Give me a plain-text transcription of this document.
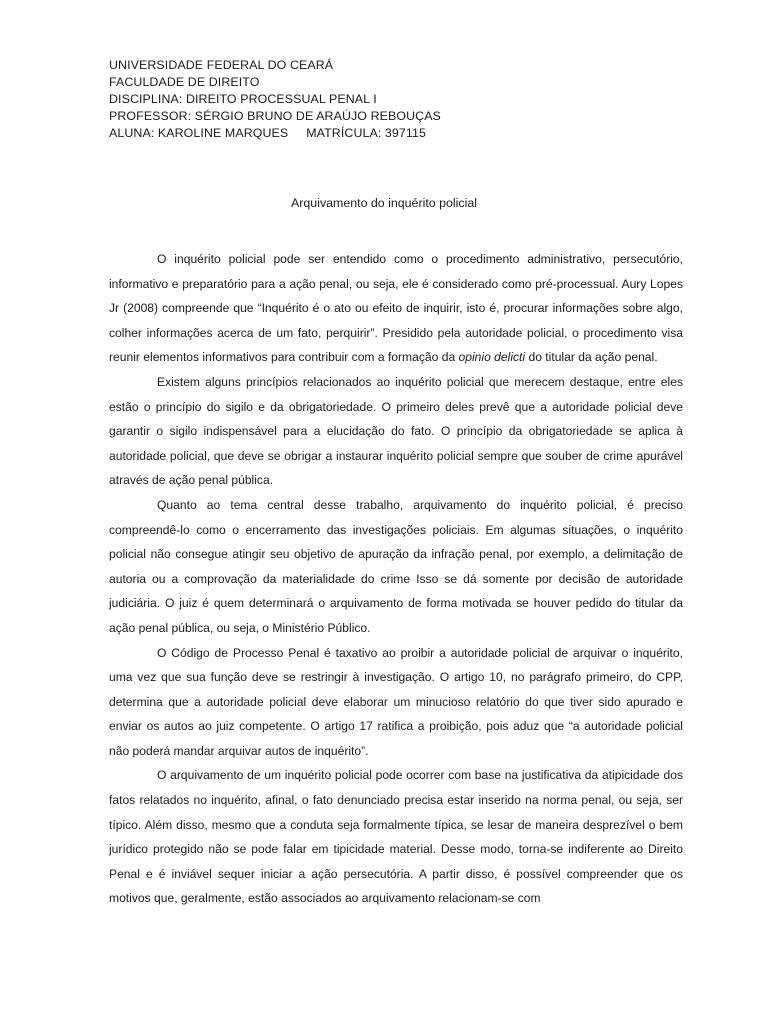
UNIVERSIDADE FEDERAL DO CEARÁ
FACULDADE DE DIREITO
DISCIPLINA: DIREITO PROCESSUAL PENAL I
PROFESSOR: SÉRGIO BRUNO DE ARAÚJO REBOUÇAS
ALUNA: KAROLINE MARQUES MATRÍCULA: 397115
Arquivamento do inquérito policial

O inquérito policial pode ser entendido como o procedimento administrativo, persecutório, informativo e preparatório para a ação penal, ou seja, ele é considerado como pré-processual. Aury Lopes Jr (2008) compreende que “Inquérito é o ato ou efeito de inquirir, isto é, procurar informações sobre algo, colher informações acerca de um fato, perquirir”. Presidido pela autoridade policial, o procedimento visa reunir elementos informativos para contribuir com a formação da opinio delicti do titular da ação penal.

Existem alguns princípios relacionados ao inquérito policial que merecem destaque, entre eles estão o princípio do sigilo e da obrigatoriedade. O primeiro deles prevê que a autoridade policial deve garantir o sigilo indispensável para a elucidação do fato. O princípio da obrigatoriedade se aplica à autoridade policial, que deve se obrigar a instaurar inquérito policial sempre que souber de crime apurável através de ação penal pública.

Quanto ao tema central desse trabalho, arquivamento do inquérito policial, é preciso compreendê-lo como o encerramento das investigações policiais. Em algumas situações, o inquérito policial não consegue atingir seu objetivo de apuração da infração penal, por exemplo, a delimitação de autoria ou a comprovação da materialidade do crime Isso se dá somente por decisão de autoridade judiciária. O juiz é quem determinará o arquivamento de forma motivada se houver pedido do titular da ação penal pública, ou seja, o Ministério Público.

O Código de Processo Penal é taxativo ao proibir a autoridade policial de arquivar o inquérito, uma vez que sua função deve se restringir à investigação. O artigo 10, no parágrafo primeiro, do CPP, determina que a autoridade policial deve elaborar um minucioso relatório do que tiver sido apurado e enviar os autos ao juiz competente. O artigo 17 ratifica a proibição, pois aduz que “a autoridade policial não poderá mandar arquivar autos de inquérito”.

O arquivamento de um inquérito policial pode ocorrer com base na justificativa da atipicidade dos fatos relatados no inquérito, afinal, o fato denunciado precisa estar inserido na norma penal, ou seja, ser típico. Além disso, mesmo que a conduta seja formalmente típica, se lesar de maneira desprezível o bem jurídico protegido não se pode falar em tipicidade material. Desse modo, torna-se indiferente ao Direito Penal e é inviável sequer iniciar a ação persecutória. A partir disso, é possível compreender que os motivos que, geralmente, estão associados ao arquivamento relacionam-se com
